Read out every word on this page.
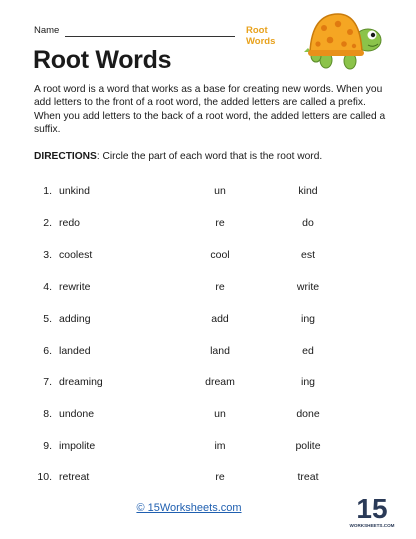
Name	Root Words
Root Words
A root word is a word that works as a base for creating new words. When you add letters to the front of a root word, the added letters are called a prefix. When you add letters to the back of a root word, the added letters are called a suffix.
DIRECTIONS: Circle the part of each word that is the root word.
1. unkind	un	kind
2. redo	re	do
3. coolest	cool	est
4. rewrite	re	write
5. adding	add	ing
6. landed	land	ed
7. dreaming	dream	ing
8. undone	un	done
9. impolite	im	polite
10. retreat	re	treat
© 15Worksheets.com	15
WORKSHEETS.COM
